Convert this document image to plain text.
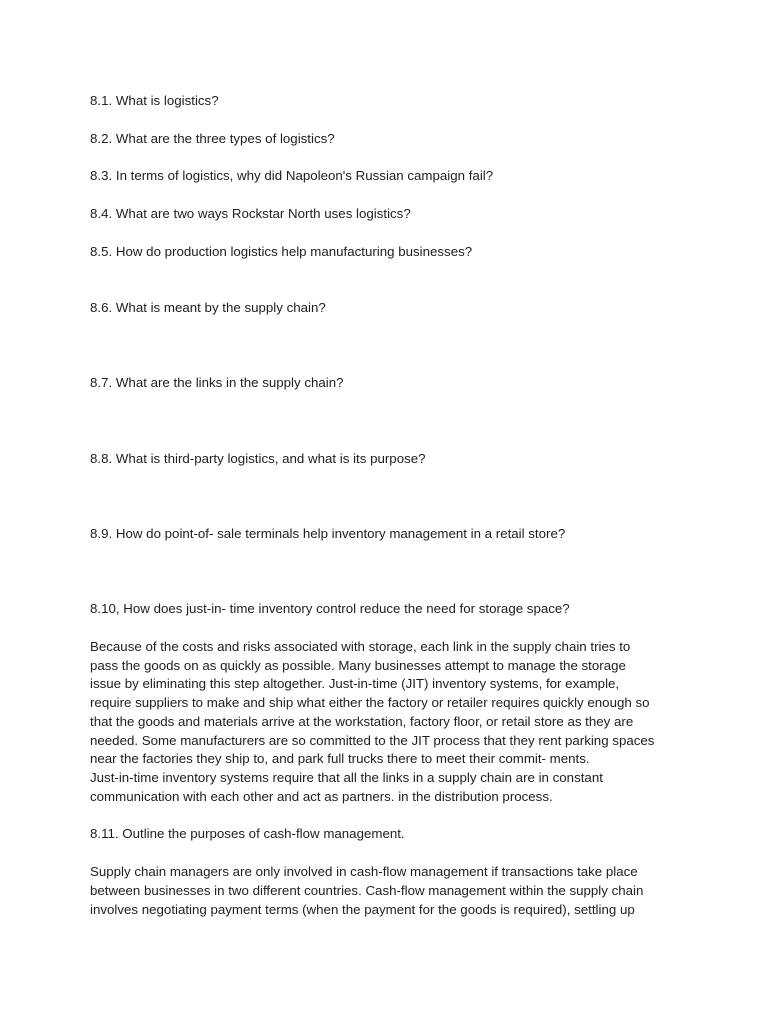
8.1. What is logistics?

8.2. What are the three types of logistics?

8.3. In terms of logistics, why did Napoleon's Russian campaign fail?

8.4. What are two ways Rockstar North uses logistics?

8.5. How do production logistics help manufacturing businesses?

8.6. What is meant by the supply chain?

8.7. What are the links in the supply chain?

8.8. What is third-party logistics, and what is its purpose?

8.9. How do point-of- sale terminals help inventory management in a retail store?

8.10, How does just-in- time inventory control reduce the need for storage space?

Because of the costs and risks associated with storage, each link in the supply chain tries to

pass the goods on as quickly as possible. Many businesses attempt to manage the storage

issue by eliminating this step altogether. Just-in-time (JIT) inventory systems, for example,

require suppliers to make and ship what either the factory or retailer requires quickly enough so

that the goods and materials arrive at the workstation, factory floor, or retail store as they are

needed. Some manufacturers are so committed to the JIT process that they rent parking spaces

near the factories they ship to, and park full trucks there to meet their commit- ments.

Just-in-time inventory systems require that all the links in a supply chain are in constant

communication with each other and act as partners. in the distribution process.

8.11. Outline the purposes of cash-flow management.

Supply chain managers are only involved in cash-flow management if transactions take place

between businesses in two different countries. Cash-flow management within the supply chain

involves negotiating payment terms (when the payment for the goods is required), settling up
